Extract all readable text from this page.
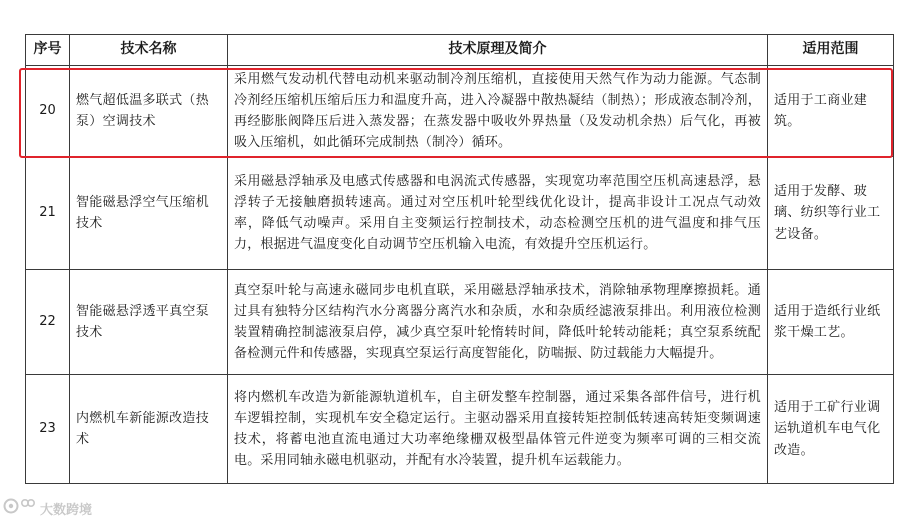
序号	技术名称	技术原理及简介	适用范围
20	燃气超低温多联式（热泵）空调技术	采用燃气发动机代替电动机来驱动制冷剂压缩机，直接使用天然气作为动力能源。气态制冷剂经压缩机压缩后压力和温度升高，进入冷凝器中散热凝结（制热）；形成液态制冷剂，再经膨胀阀降压后进入蒸发器；在蒸发器中吸收外界热量（及发动机余热）后气化，再被吸入压缩机，如此循环完成制热（制冷）循环。	适用于工商业建筑。
21	智能磁悬浮空气压缩机技术	采用磁悬浮轴承及电感式传感器和电涡流式传感器，实现宽功率范围空压机高速悬浮，悬浮转子无接触磨损转速高。通过对空压机叶轮型线优化设计，提高非设计工况点气动效率，降低气动噪声。采用自主变频运行控制技术，动态检测空压机的进气温度和排气压力，根据进气温度变化自动调节空压机输入电流，有效提升空压机运行。	适用于发酵、玻璃、纺织等行业工艺设备。
22	智能磁悬浮透平真空泵技术	真空泵叶轮与高速永磁同步电机直联，采用磁悬浮轴承技术，消除轴承物理摩擦损耗。通过具有独特分区结构汽水分离器分离汽水和杂质，水和杂质经滤液泵排出。利用液位检测装置精确控制滤液泵启停，减少真空泵叶轮惰转时间，降低叶轮转动能耗；真空泵系统配备检测元件和传感器，实现真空泵运行高度智能化，防喘振、防过载能力大幅提升。	适用于造纸行业纸浆干燥工艺。
23	内燃机车新能源改造技术	将内燃机车改造为新能源轨道机车，自主研发整车控制器，通过采集各部件信号，进行机车逻辑控制，实现机车安全稳定运行。主驱动器采用直接转矩控制低转速高转矩变频调速技术，将蓄电池直流电通过大功率绝缘栅双极型晶体管元件逆变为频率可调的三相交流电。采用同轴永磁电机驱动，并配有水冷装置，提升机车运载能力。	适用于工矿行业调运轨道机车电气化改造。
大数跨境
